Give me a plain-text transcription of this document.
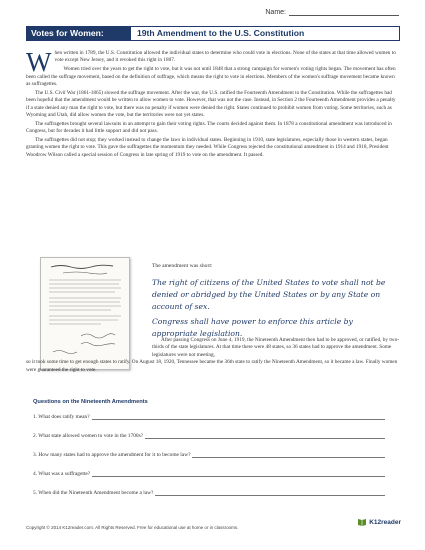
Name:
Votes for Women:	19th Amendment to the U.S. Constitution

When written in 1789, the U.S. Constitution allowed the individual states to determine who could vote in elections. None of the states at that time allowed women to vote except New Jersey, and it revoked this right in 1807.

Women tried over the years to get the right to vote, but it was not until 1848 that a strong campaign for women's voting rights began. The movement has often been called the suffrage movement, based on the definition of suffrage, which means the right to vote in elections. Members of the women's suffrage movement became known as suffragettes.

The U.S. Civil War (1861-1865) slowed the suffrage movement. After the war, the U.S. ratified the Fourteenth Amendment to the Constitution. While the suffragettes had been hopeful that the amendment would be written to allow women to vote. However, that was not the case. Instead, in Section 2 the Fourteenth Amendment provides a penalty if a state denied any man the right to vote, but there was no penalty if women were denied the right. States continued to prohibit women from voting. Some territories, such as Wyoming and Utah, did allow women the vote, but the territories were not yet states.

The suffragettes brought several lawsuits in an attempt to gain their voting rights. The courts decided against them. In 1878 a constitutional amendment was introduced in Congress, but for decades it had little support and did not pass.

The suffragettes did not stop; they worked instead to change the laws in individual states. Beginning in 1910, state legislatures, especially those in western states, began granting women the right to vote. This gave the suffragettes the momentum they needed. While Congress rejected the constitutional amendment in 1914 and 1918, President Woodrow Wilson called a special session of Congress in late spring of 1919 to vote on the amendment. It passed.

The amendment was short:
The right of citizens of the United States to vote shall not be denied or abridged by the United States or by any State on account of sex.
Congress shall have power to enforce this article by appropriate legislation.

After passing Congress on June 4, 1919, the Nineteenth Amendment then had to be approved, or ratified, by two-thirds of the state legislatures. At that time there were 48 states, so 36 states had to approve the amendment. Some legislatures were not meeting,

so it took some time to get enough states to ratify. On August 18, 1920, Tennessee became the 36th state to ratify the Nineteenth Amendment, so it became a law. Finally women were guaranteed the right to vote.

Questions on the Nineteenth Amendments
1. What does ratify mean?
2. What state allowed women to vote in the 1700s?
3. How many states had to approve the amendment for it to become law?
4. What was a suffragette?
5. When did the Nineteenth Amendment become a law?
Copyright © 2014 K12reader.com. All Rights Reserved. Free for educational use at home or in classrooms.
K12reader
